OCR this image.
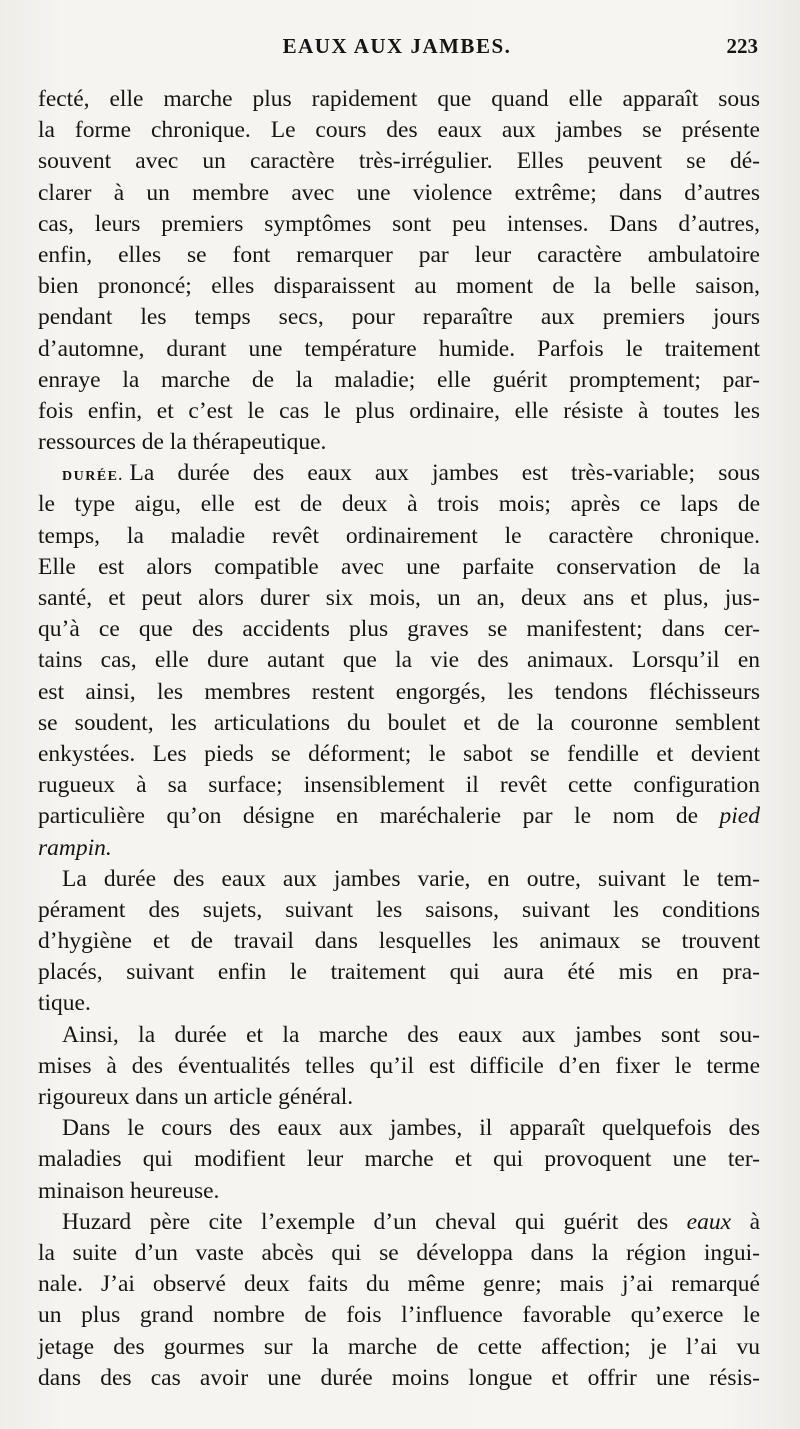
EAUX AUX JAMBES.	223
fecté, elle marche plus rapidement que quand elle apparaît sous
la forme chronique. Le cours des eaux aux jambes se présente
souvent avec un caractère très-irrégulier. Elles peuvent se dé-
clarer à un membre avec une violence extrême; dans d’autres
cas, leurs premiers symptômes sont peu intenses. Dans d’autres,
enfin, elles se font remarquer par leur caractère ambulatoire
bien prononcé; elles disparaissent au moment de la belle saison,
pendant les temps secs, pour reparaître aux premiers jours
d’automne, durant une température humide. Parfois le traitement
enraye la marche de la maladie; elle guérit promptement; par-
fois enfin, et c’est le cas le plus ordinaire, elle résiste à toutes les
ressources de la thérapeutique.
DURÉE. La durée des eaux aux jambes est très-variable; sous
le type aigu, elle est de deux à trois mois; après ce laps de
temps, la maladie revêt ordinairement le caractère chronique.
Elle est alors compatible avec une parfaite conservation de la
santé, et peut alors durer six mois, un an, deux ans et plus, jus-
qu’à ce que des accidents plus graves se manifestent; dans cer-
tains cas, elle dure autant que la vie des animaux. Lorsqu’il en
est ainsi, les membres restent engorgés, les tendons fléchisseurs
se soudent, les articulations du boulet et de la couronne semblent
enkystées. Les pieds se déforment; le sabot se fendille et devient
rugueux à sa surface; insensiblement il revêt cette configuration
particulière qu’on désigne en maréchalerie par le nom de pied
rampin.
La durée des eaux aux jambes varie, en outre, suivant le tem-
pérament des sujets, suivant les saisons, suivant les conditions
d’hygiène et de travail dans lesquelles les animaux se trouvent
placés, suivant enfin le traitement qui aura été mis en pra-
tique.
Ainsi, la durée et la marche des eaux aux jambes sont sou-
mises à des éventualités telles qu’il est difficile d’en fixer le terme
rigoureux dans un article général.
Dans le cours des eaux aux jambes, il apparaît quelquefois des
maladies qui modifient leur marche et qui provoquent une ter-
minaison heureuse.
Huzard père cite l’exemple d’un cheval qui guérit des eaux à
la suite d’un vaste abcès qui se développa dans la région ingui-
nale. J’ai observé deux faits du même genre; mais j’ai remarqué
un plus grand nombre de fois l’influence favorable qu’exerce le
jetage des gourmes sur la marche de cette affection; je l’ai vu
dans des cas avoir une durée moins longue et offrir une résis-
